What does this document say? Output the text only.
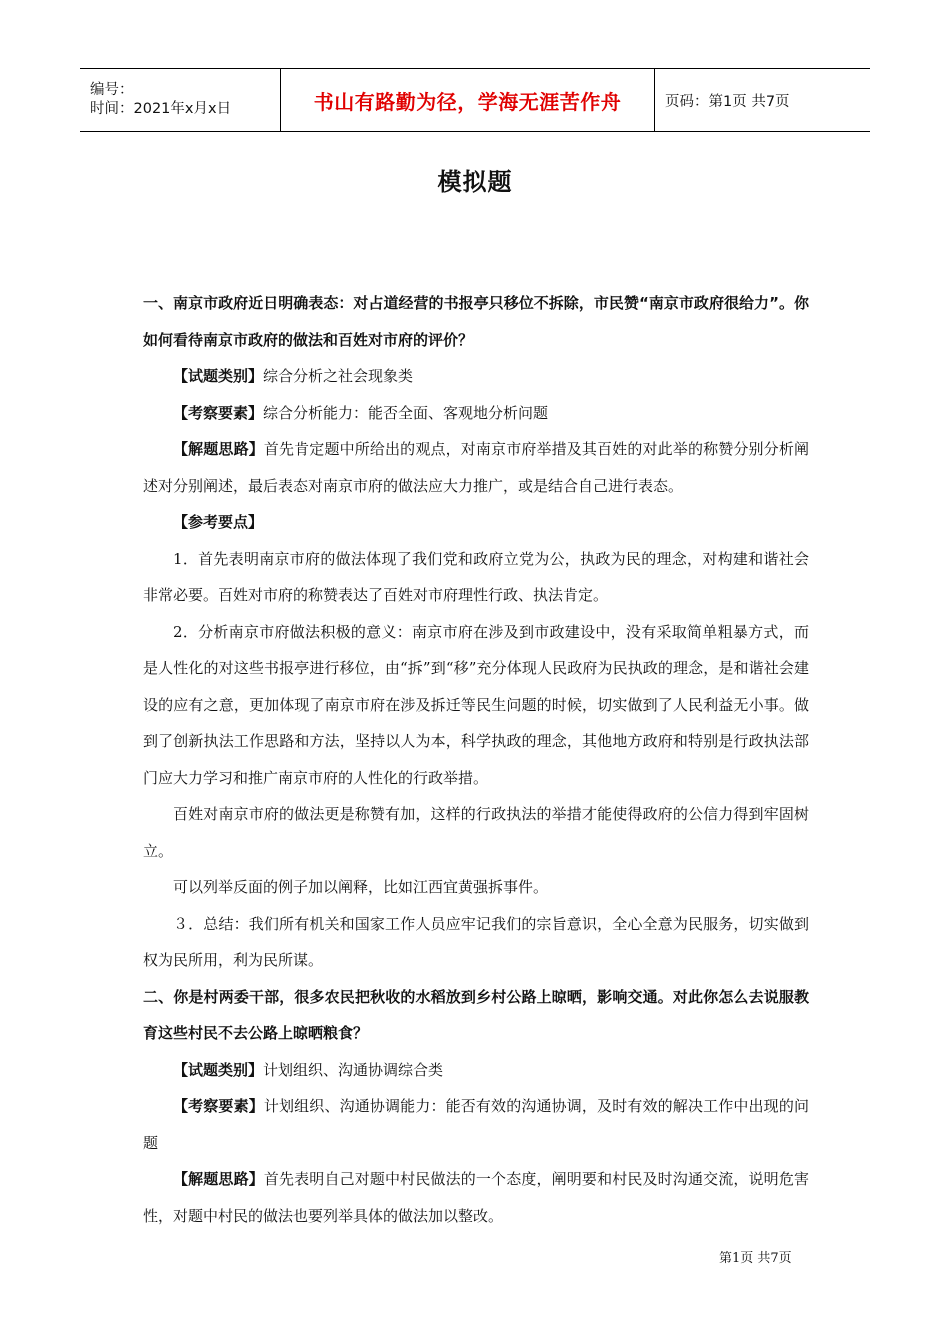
编号：
时间：2021年x月x日	书山有路勤为径，学海无涯苦作舟	页码：第1页 共7页
模拟题

一、南京市政府近日明确表态：对占道经营的书报亭只移位不拆除，市民赞“南京市政府很给力”。你如何看待南京市政府的做法和百姓对市府的评价？

【试题类别】综合分析之社会现象类

【考察要素】综合分析能力：能否全面、客观地分析问题

【解题思路】首先肯定题中所给出的观点，对南京市府举措及其百姓的对此举的称赞分别分析阐述对分别阐述，最后表态对南京市府的做法应大力推广，或是结合自己进行表态。

【参考要点】

1．首先表明南京市府的做法体现了我们党和政府立党为公，执政为民的理念，对构建和谐社会非常必要。百姓对市府的称赞表达了百姓对市府理性行政、执法肯定。

2．分析南京市府做法积极的意义：南京市府在涉及到市政建设中，没有采取简单粗暴方式，而是人性化的对这些书报亭进行移位，由“拆”到“移”充分体现人民政府为民执政的理念，是和谐社会建设的应有之意，更加体现了南京市府在涉及拆迁等民生问题的时候，切实做到了人民利益无小事。做到了创新执法工作思路和方法，坚持以人为本，科学执政的理念，其他地方政府和特别是行政执法部门应大力学习和推广南京市府的人性化的行政举措。

百姓对南京市府的做法更是称赞有加，这样的行政执法的举措才能使得政府的公信力得到牢固树立。

可以列举反面的例子加以阐释，比如江西宜黄强拆事件。

３．总结：我们所有机关和国家工作人员应牢记我们的宗旨意识，全心全意为民服务，切实做到权为民所用，利为民所谋。

二、你是村两委干部，很多农民把秋收的水稻放到乡村公路上晾晒，影响交通。对此你怎么去说服教育这些村民不去公路上晾晒粮食？

【试题类别】计划组织、沟通协调综合类

【考察要素】计划组织、沟通协调能力：能否有效的沟通协调，及时有效的解决工作中出现的问题

【解题思路】首先表明自己对题中村民做法的一个态度，阐明要和村民及时沟通交流，说明危害性，对题中村民的做法也要列举具体的做法加以整改。

第1页 共7页
